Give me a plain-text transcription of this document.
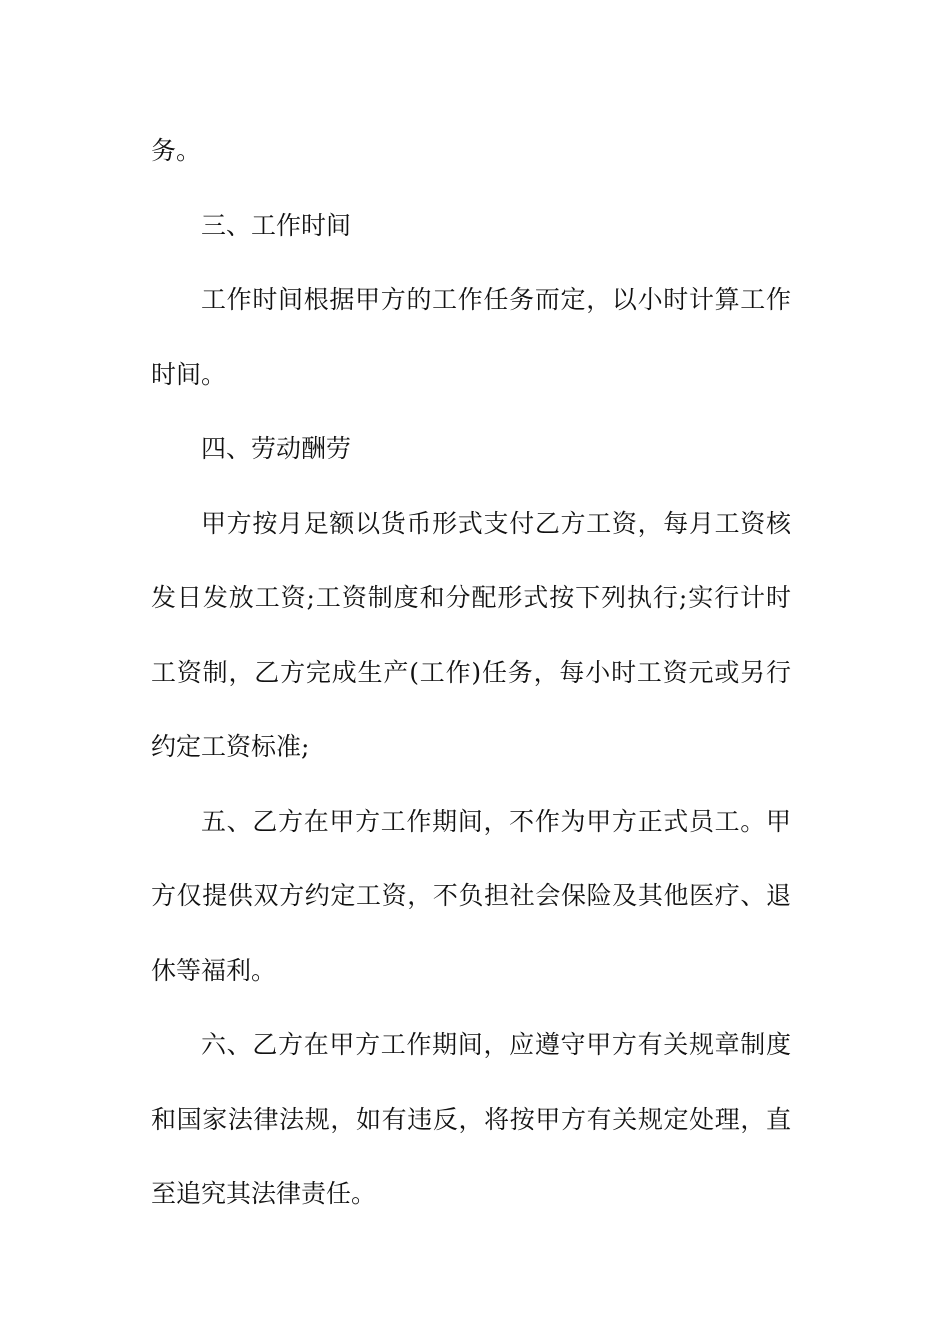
务。

三、工作时间

工作时间根据甲方的工作任务而定，以小时计算工作时间。

四、劳动酬劳

甲方按月足额以货币形式支付乙方工资，每月工资核发日发放工资;工资制度和分配形式按下列执行;实行计时工资制，乙方完成生产(工作)任务，每小时工资元或另行约定工资标准;

五、乙方在甲方工作期间，不作为甲方正式员工。甲方仅提供双方约定工资，不负担社会保险及其他医疗、退休等福利。

六、乙方在甲方工作期间，应遵守甲方有关规章制度和国家法律法规，如有违反，将按甲方有关规定处理，直至追究其法律责任。
